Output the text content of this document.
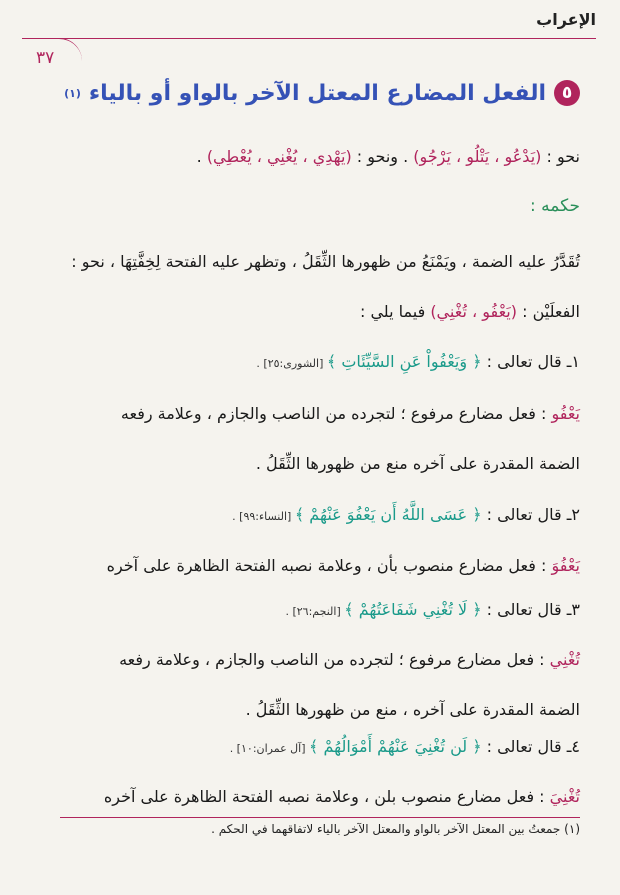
الإعراب
٣٧
٥
الفعل المضارع المعتل الآخر بالواو أو بالياء
(١)
نحو : (يَدْعُو ، يَتْلُو ، يَرْجُو) . ونحو : (يَهْدِي ، يُغْنِي ، يُعْطِي) .
حكمه :
تُقَدَّرُ عليه الضمة ، ويَمْنَعُ من ظهورها الثِّقَلُ ، وتظهر عليه الفتحة لِخِفَّتِهَا ، نحو :
الفعلَيْن : (يَعْفُو ، تُغْنِي) فيما يلي :
١ـ قال تعالى : ﴿ وَيَعْفُواْ عَنِ السَّيِّئَاتِ ﴾ [الشورى:٢٥] .
يَعْفُو : فعل مضارع مرفوع ؛ لتجرده من الناصب والجازم ، وعلامة رفعه
الضمة المقدرة على آخره منع من ظهورها الثِّقَلُ .
٢ـ قال تعالى : ﴿ عَسَى اللَّهُ أَن يَعْفُوَ عَنْهُمْ ﴾ [النساء:٩٩] .
يَعْفُوَ : فعل مضارع منصوب بأن ، وعلامة نصبه الفتحة الظاهرة على آخره
٣ـ قال تعالى : ﴿ لَا تُغْنِي شَفَاعَتُهُمْ ﴾ [النجم:٢٦] .
تُغْنِي : فعل مضارع مرفوع ؛ لتجرده من الناصب والجازم ، وعلامة رفعه
الضمة المقدرة على آخره ، منع من ظهورها الثِّقَلُ .
٤ـ قال تعالى : ﴿ لَن تُغْنِيَ عَنْهُمْ أَمْوَالُهُمْ ﴾ [آل عمران:١٠] .
تُغْنِيَ : فعل مضارع منصوب بلن ، وعلامة نصبه الفتحة الظاهرة على آخره
(١) جمعتُ بين المعتل الآخر بالواو والمعتل الآخر بالياء لاتفاقهما في الحكم .
